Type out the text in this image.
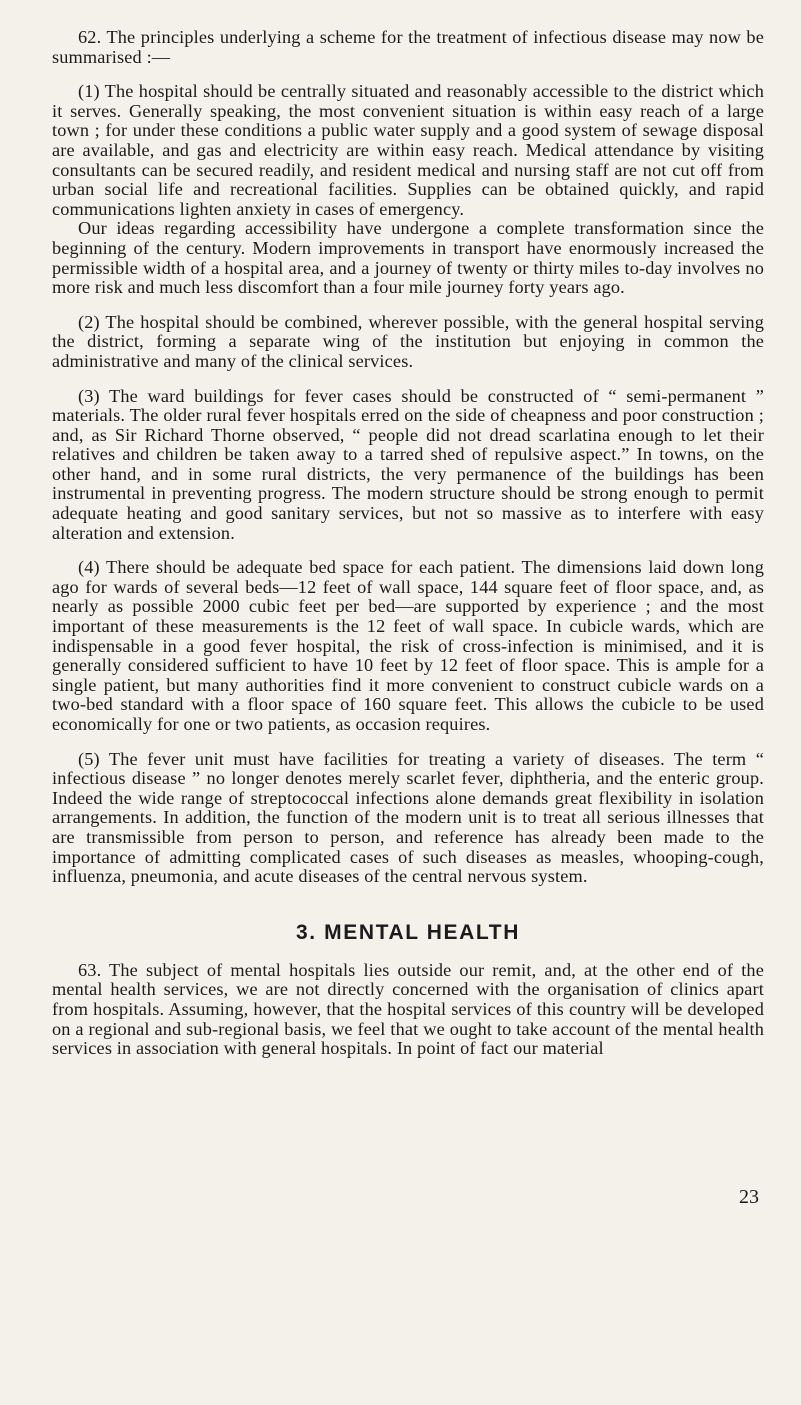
62. The principles underlying a scheme for the treatment of infectious disease may now be summarised :—

(1) The hospital should be centrally situated and reasonably accessible to the district which it serves. Generally speaking, the most convenient situation is within easy reach of a large town ; for under these conditions a public water supply and a good system of sewage disposal are available, and gas and electricity are within easy reach. Medical attendance by visiting consultants can be secured readily, and resident medical and nursing staff are not cut off from urban social life and recreational facilities. Supplies can be obtained quickly, and rapid communications lighten anxiety in cases of emergency.

Our ideas regarding accessibility have undergone a complete transformation since the beginning of the century. Modern improvements in transport have enormously increased the permissible width of a hospital area, and a journey of twenty or thirty miles to-day involves no more risk and much less discomfort than a four mile journey forty years ago.

(2) The hospital should be combined, wherever possible, with the general hospital serving the district, forming a separate wing of the institution but enjoying in common the administrative and many of the clinical services.

(3) The ward buildings for fever cases should be constructed of “ semi-permanent ” materials. The older rural fever hospitals erred on the side of cheapness and poor construction ; and, as Sir Richard Thorne observed, “ people did not dread scarlatina enough to let their relatives and children be taken away to a tarred shed of repulsive aspect.” In towns, on the other hand, and in some rural districts, the very permanence of the buildings has been instrumental in preventing progress. The modern structure should be strong enough to permit adequate heating and good sanitary services, but not so massive as to interfere with easy alteration and extension.

(4) There should be adequate bed space for each patient. The dimensions laid down long ago for wards of several beds—12 feet of wall space, 144 square feet of floor space, and, as nearly as possible 2000 cubic feet per bed—are supported by experience ; and the most important of these measurements is the 12 feet of wall space. In cubicle wards, which are indispensable in a good fever hospital, the risk of cross-infection is minimised, and it is generally considered sufficient to have 10 feet by 12 feet of floor space. This is ample for a single patient, but many authorities find it more convenient to construct cubicle wards on a two-bed standard with a floor space of 160 square feet. This allows the cubicle to be used economically for one or two patients, as occasion requires.

(5) The fever unit must have facilities for treating a variety of diseases. The term “ infectious disease ” no longer denotes merely scarlet fever, diphtheria, and the enteric group. Indeed the wide range of streptococcal infections alone demands great flexibility in isolation arrangements. In addition, the function of the modern unit is to treat all serious illnesses that are transmissible from person to person, and reference has already been made to the importance of admitting complicated cases of such diseases as measles, whooping-cough, influenza, pneumonia, and acute diseases of the central nervous system.

3. MENTAL HEALTH

63. The subject of mental hospitals lies outside our remit, and, at the other end of the mental health services, we are not directly concerned with the organisation of clinics apart from hospitals. Assuming, however, that the hospital services of this country will be developed on a regional and sub-regional basis, we feel that we ought to take account of the mental health services in association with general hospitals. In point of fact our material

23
